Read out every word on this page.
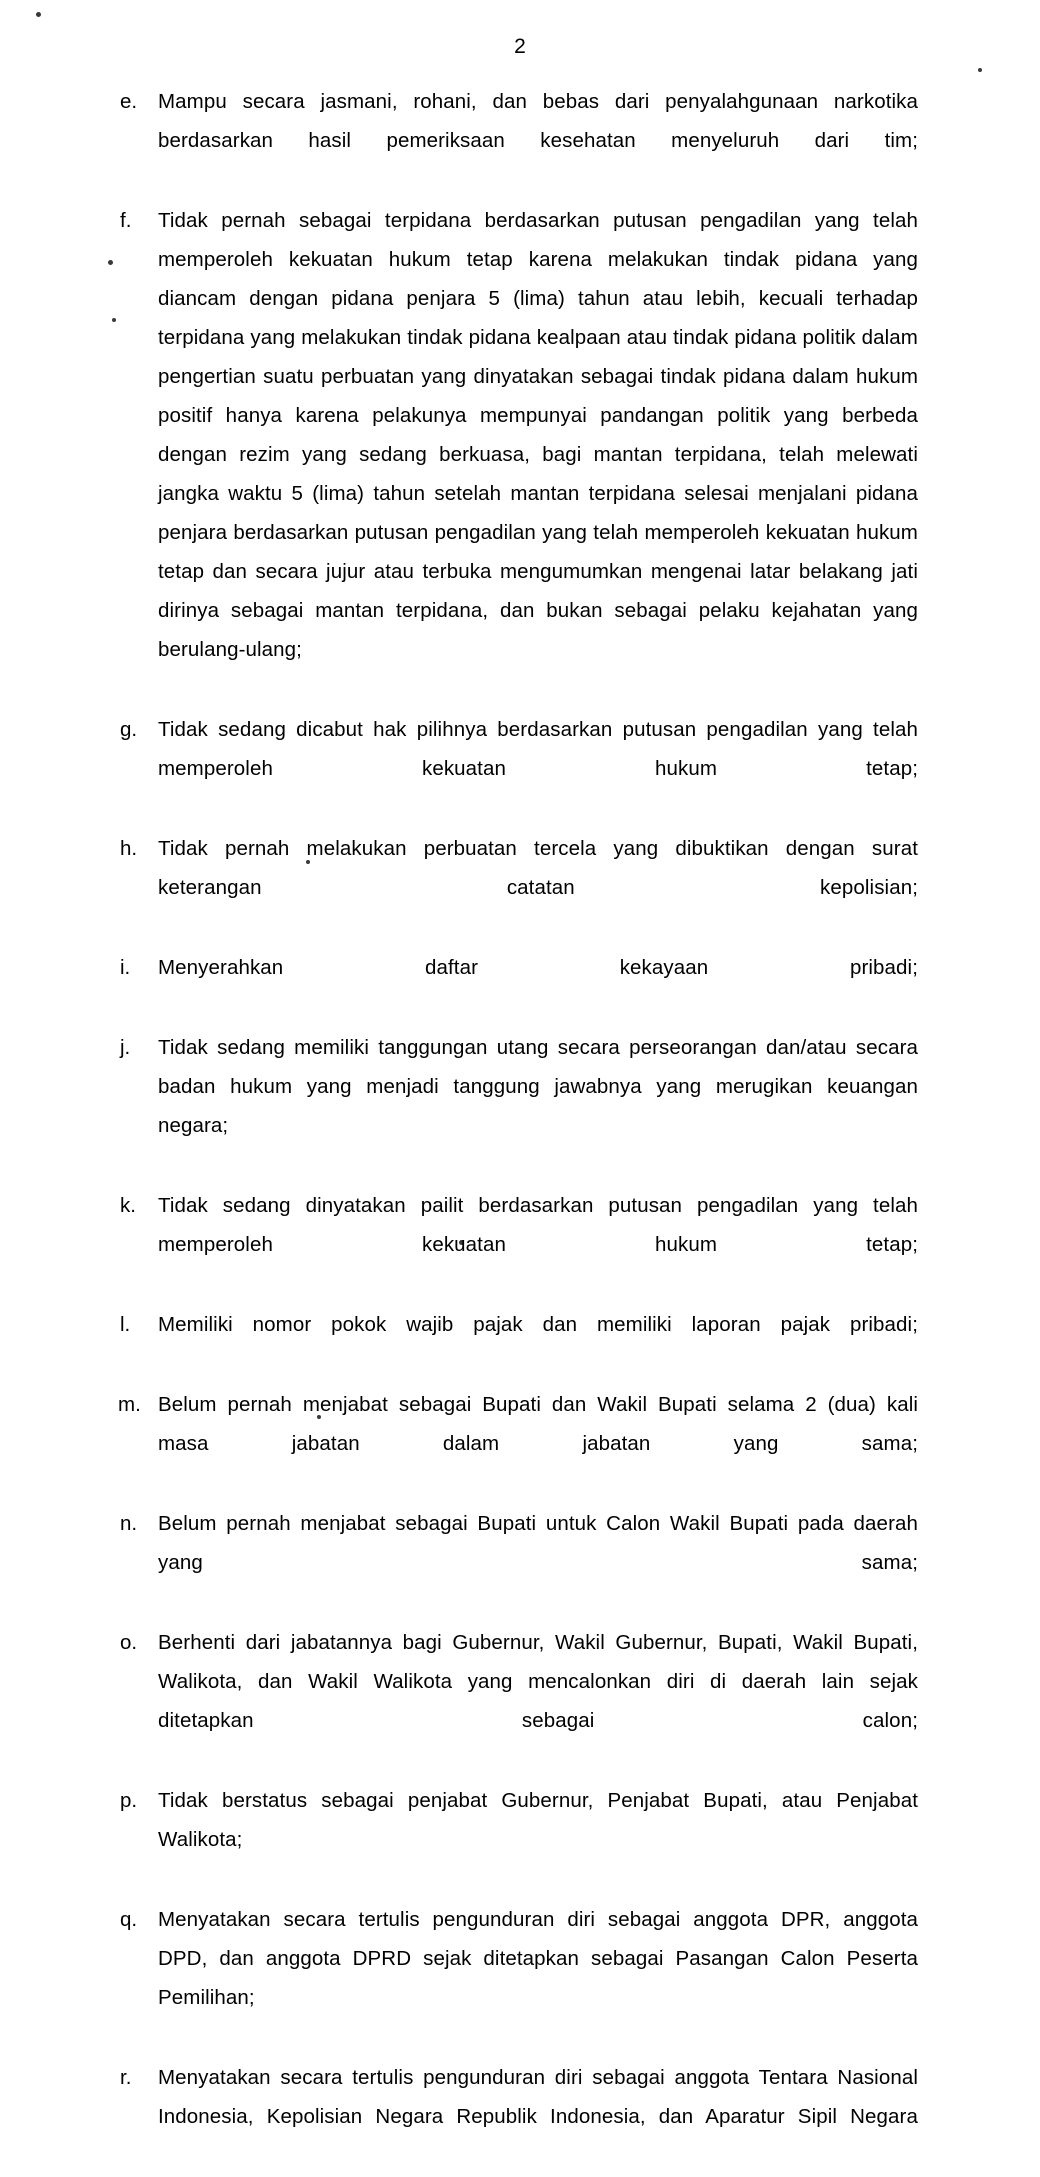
2
e.	Mampu secara jasmani, rohani, dan bebas dari penyalahgunaan narkotika berdasarkan hasil pemeriksaan kesehatan menyeluruh dari tim;
f.	Tidak pernah sebagai terpidana berdasarkan putusan pengadilan yang telah memperoleh kekuatan hukum tetap karena melakukan tindak pidana yang diancam dengan pidana penjara 5 (lima) tahun atau lebih, kecuali terhadap terpidana yang melakukan tindak pidana kealpaan atau tindak pidana politik dalam pengertian suatu perbuatan yang dinyatakan sebagai tindak pidana dalam hukum positif hanya karena pelakunya mempunyai pandangan politik yang berbeda dengan rezim yang sedang berkuasa, bagi mantan terpidana, telah melewati jangka waktu 5 (lima) tahun setelah mantan terpidana selesai menjalani pidana penjara berdasarkan putusan pengadilan yang telah memperoleh kekuatan hukum tetap dan secara jujur atau terbuka mengumumkan mengenai latar belakang jati dirinya sebagai mantan terpidana, dan bukan sebagai pelaku kejahatan yang berulang-ulang;
g.	Tidak sedang dicabut hak pilihnya berdasarkan putusan pengadilan yang telah memperoleh kekuatan hukum tetap;
h.	Tidak pernah melakukan perbuatan tercela yang dibuktikan dengan surat keterangan catatan kepolisian;
i.	Menyerahkan daftar kekayaan pribadi;
j.	Tidak sedang memiliki tanggungan utang secara perseorangan dan/atau secara badan hukum yang menjadi tanggung jawabnya yang merugikan keuangan negara;
k.	Tidak sedang dinyatakan pailit berdasarkan putusan pengadilan yang telah memperoleh kekuatan hukum tetap;
l.	Memiliki nomor pokok wajib pajak dan memiliki laporan pajak pribadi;
m. Belum pernah menjabat sebagai Bupati dan Wakil Bupati selama 2 (dua) kali masa jabatan dalam jabatan yang sama;
n.	Belum pernah menjabat sebagai Bupati untuk Calon Wakil Bupati pada daerah yang sama;
o.	Berhenti dari jabatannya bagi Gubernur, Wakil Gubernur, Bupati, Wakil Bupati, Walikota, dan Wakil Walikota yang mencalonkan diri di daerah lain sejak ditetapkan sebagai calon;
p.	Tidak berstatus sebagai penjabat Gubernur, Penjabat Bupati, atau Penjabat Walikota;
q.	Menyatakan secara tertulis pengunduran diri sebagai anggota DPR, anggota DPD, dan anggota DPRD sejak ditetapkan sebagai Pasangan Calon Peserta Pemilihan;
r.	Menyatakan secara tertulis pengunduran diri sebagai anggota Tentara Nasional Indonesia, Kepolisian Negara Republik Indonesia, dan Aparatur Sipil Negara
